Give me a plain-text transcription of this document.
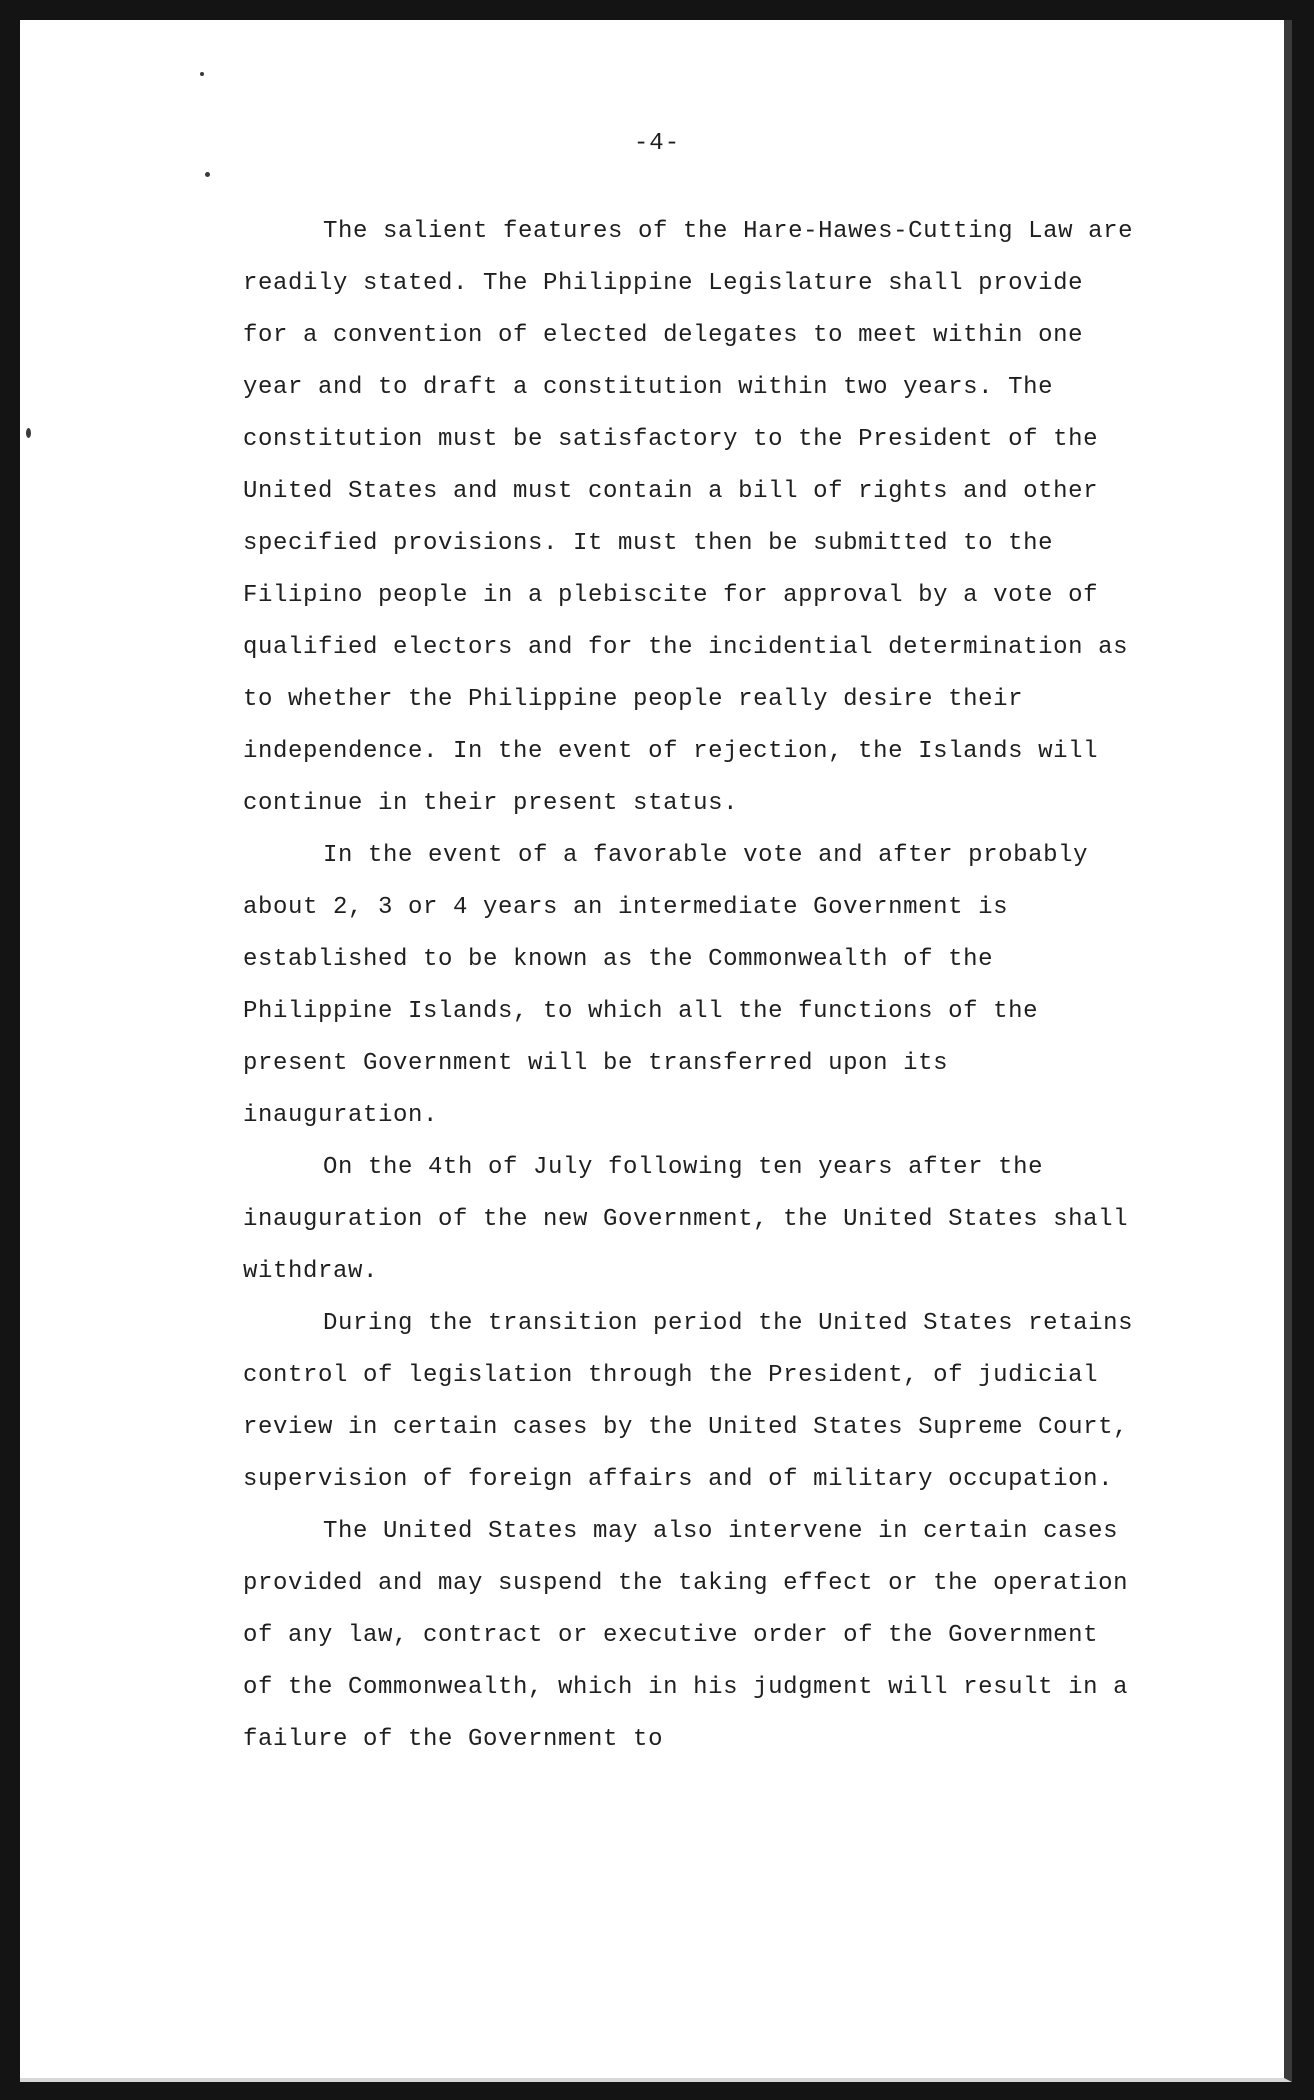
-4-

The salient features of the Hare-Hawes-Cutting Law are readily stated. The Philippine Legislature shall provide for a convention of elected delegates to meet within one year and to draft a constitution within two years. The constitution must be satisfactory to the President of the United States and must contain a bill of rights and other specified provisions. It must then be submitted to the Filipino people in a plebiscite for approval by a vote of qualified electors and for the incidential determination as to whether the Philippine people really desire their independence. In the event of rejection, the Islands will continue in their present status.

In the event of a favorable vote and after probably about 2, 3 or 4 years an intermediate Government is established to be known as the Commonwealth of the Philippine Islands, to which all the functions of the present Government will be transferred upon its inauguration.

On the 4th of July following ten years after the inauguration of the new Government, the United States shall withdraw.

During the transition period the United States retains control of legislation through the President, of judicial review in certain cases by the United States Supreme Court, supervision of foreign affairs and of military occupation.

The United States may also intervene in certain cases provided and may suspend the taking effect or the operation of any law, contract or executive order of the Government of the Commonwealth, which in his judgment will result in a failure of the Government to
